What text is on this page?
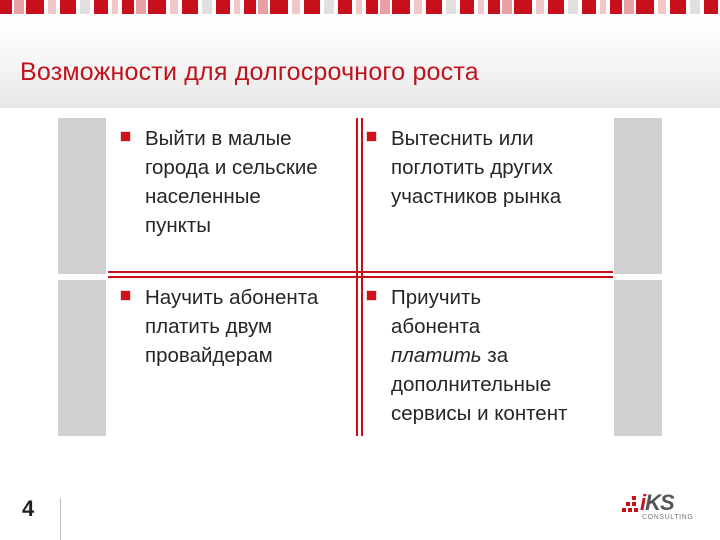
Возможности для долгосрочного роста
Выйти в малые
города и сельские
населенные
пункты
Вытеснить или
поглотить других
участников рынка
Научить абонента
платить двум
провайдерам
Приучить
абонента
платить за
дополнительные
сервисы и контент
4	iKS
CONSULTING
